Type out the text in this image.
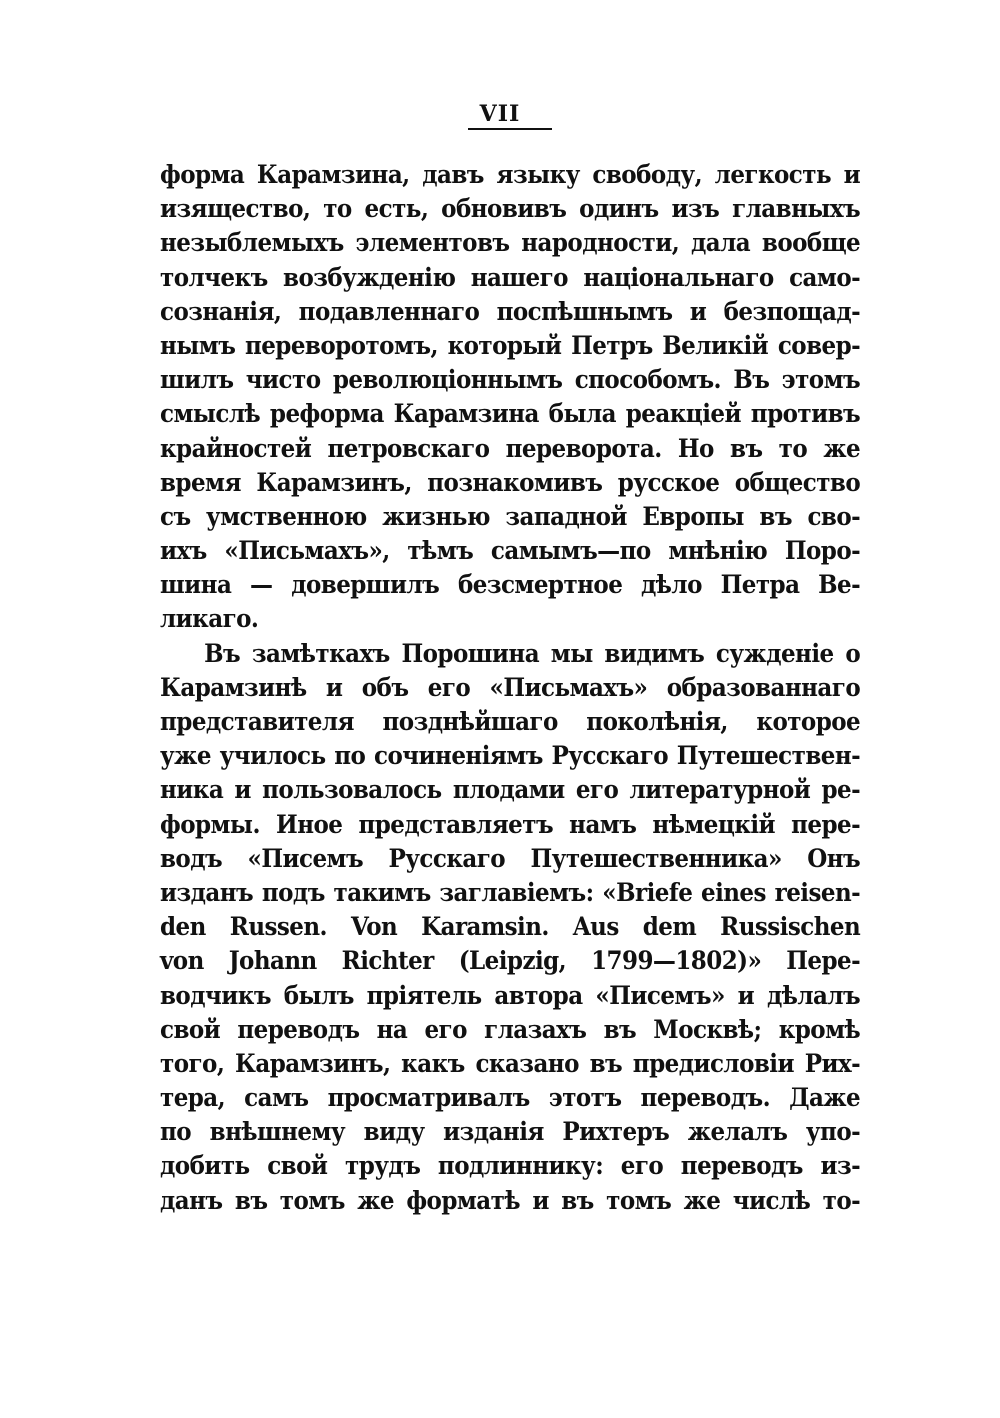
VII
форма Карамзина, давъ языку свободу, легкость и
изящество, то есть, обновивъ одинъ изъ главныхъ
незыблемыхъ элементовъ народности, дала вообще
толчекъ возбужденію нашего національнаго само-
сознанія, подавленнаго поспѣшнымъ и безпощад-
нымъ переворотомъ, который Петръ Великій совер-
шилъ чисто революціоннымъ способомъ. Въ этомъ
смыслѣ реформа Карамзина была реакціей противъ
крайностей петровскаго переворота. Но въ то же
время Карамзинъ, познакомивъ русское общество
съ умственною жизнью западной Европы въ сво-
ихъ «Письмахъ», тѣмъ самымъ—по мнѣнію Поро-
шина — довершилъ безсмертное дѣло Петра Ве-
ликаго.
Въ замѣткахъ Порошина мы видимъ сужденіе о
Карамзинѣ и объ его «Письмахъ» образованнаго
представителя позднѣйшаго поколѣнія, которое
уже училось по сочиненіямъ Русскаго Путешествен-
ника и пользовалось плодами его литературной ре-
формы. Иное представляетъ намъ нѣмецкій пере-
водъ «Писемъ Русскаго Путешественника» Онъ
изданъ подъ такимъ заглавіемъ: «Briefe eines reisen-
den Russen. Von Karamsin. Aus dem Russischen
von Johann Richter (Leipzig, 1799—1802)» Пере-
водчикъ былъ пріятель автора «Писемъ» и дѣлалъ
свой переводъ на его глазахъ въ Москвѣ; кромѣ
того, Карамзинъ, какъ сказано въ предисловіи Рих-
тера, самъ просматривалъ этотъ переводъ. Даже
по внѣшнему виду изданія Рихтеръ желалъ упо-
добить свой трудъ подлиннику: его переводъ из-
данъ въ томъ же форматѣ и въ томъ же числѣ то-
